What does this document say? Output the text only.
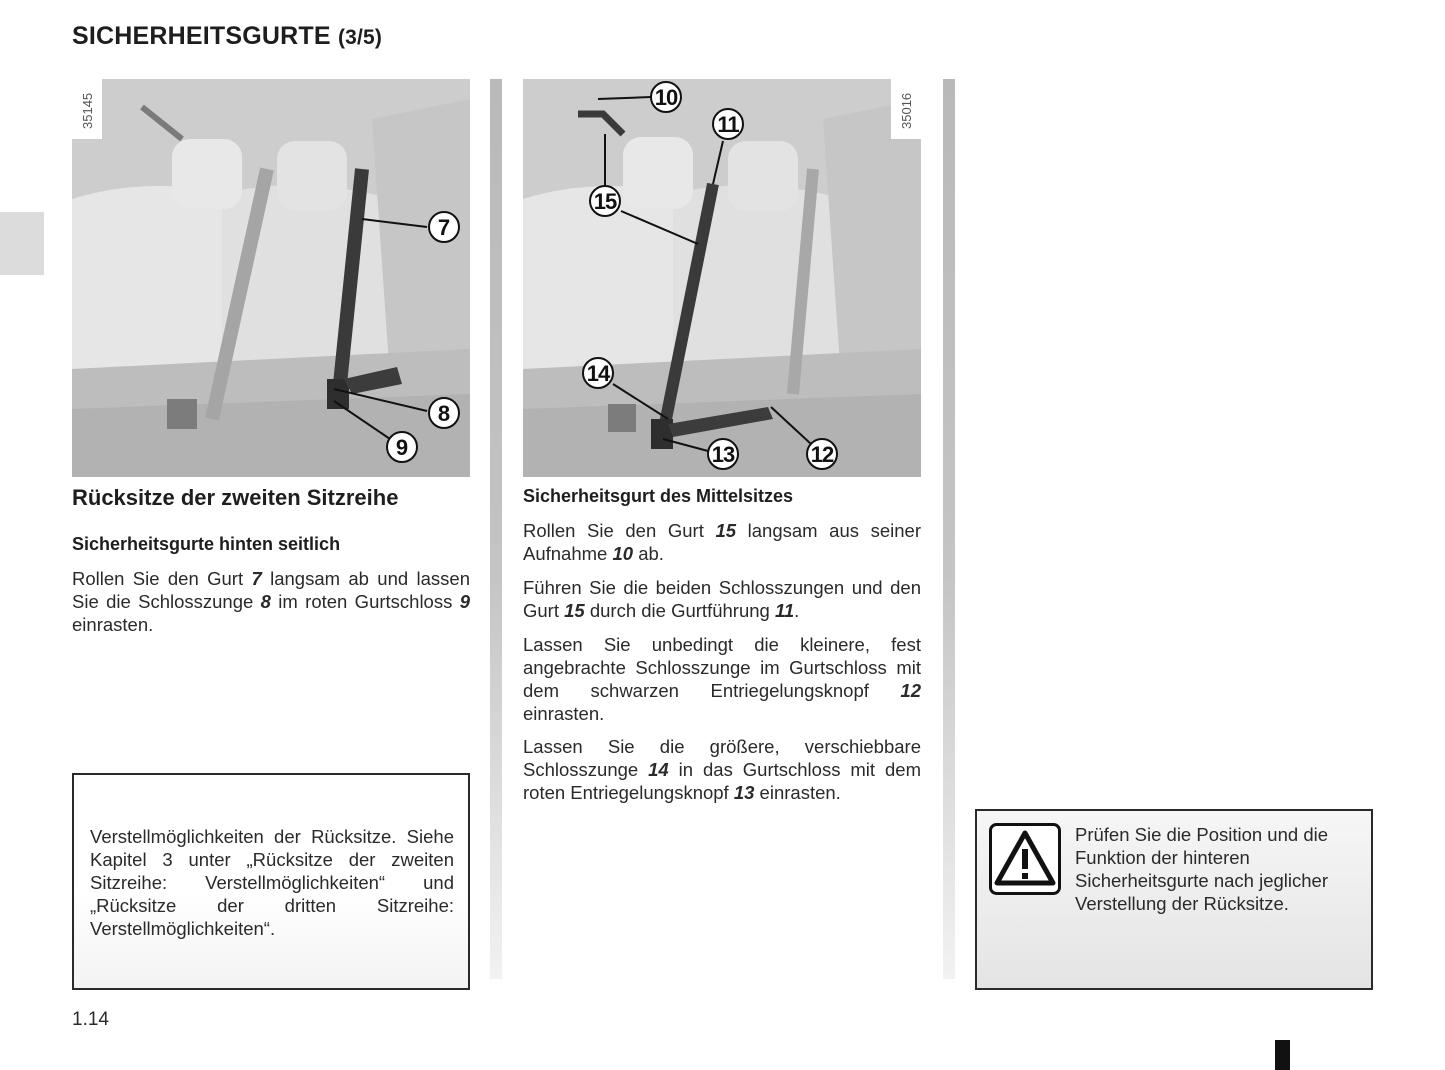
SICHERHEITSGURTE (3/5)
35145
7
8
9
35016
10
11
15
14
13	12
Rücksitze der zweiten Sitzreihe
Sicherheitsgurte hinten seitlich
Rollen Sie den Gurt 7 langsam ab und lassen Sie die Schlosszunge 8 im roten Gurtschloss 9 einrasten.
Verstellmöglichkeiten der Rücksitze. Siehe Kapitel 3 unter „Rücksitze der zweiten Sitzreihe: Verstellmöglichkeiten“ und „Rücksitze der dritten Sitzreihe: Verstellmöglichkeiten“.
Sicherheitsgurt des Mittelsitzes
Rollen Sie den Gurt 15 langsam aus seiner Aufnahme 10 ab.
Führen Sie die beiden Schlosszungen und den Gurt 15 durch die Gurtführung 11.
Lassen Sie unbedingt die kleinere, fest angebrachte Schlosszunge im Gurtschloss mit dem schwarzen Entriegelungsknopf 12 einrasten.
Lassen Sie die größere, verschiebbare Schlosszunge 14 in das Gurtschloss mit dem roten Entriegelungsknopf 13 einrasten.
Prüfen Sie die Position und die Funktion der hinteren Sicherheitsgurte nach jeglicher Verstellung der Rücksitze.
1.14
